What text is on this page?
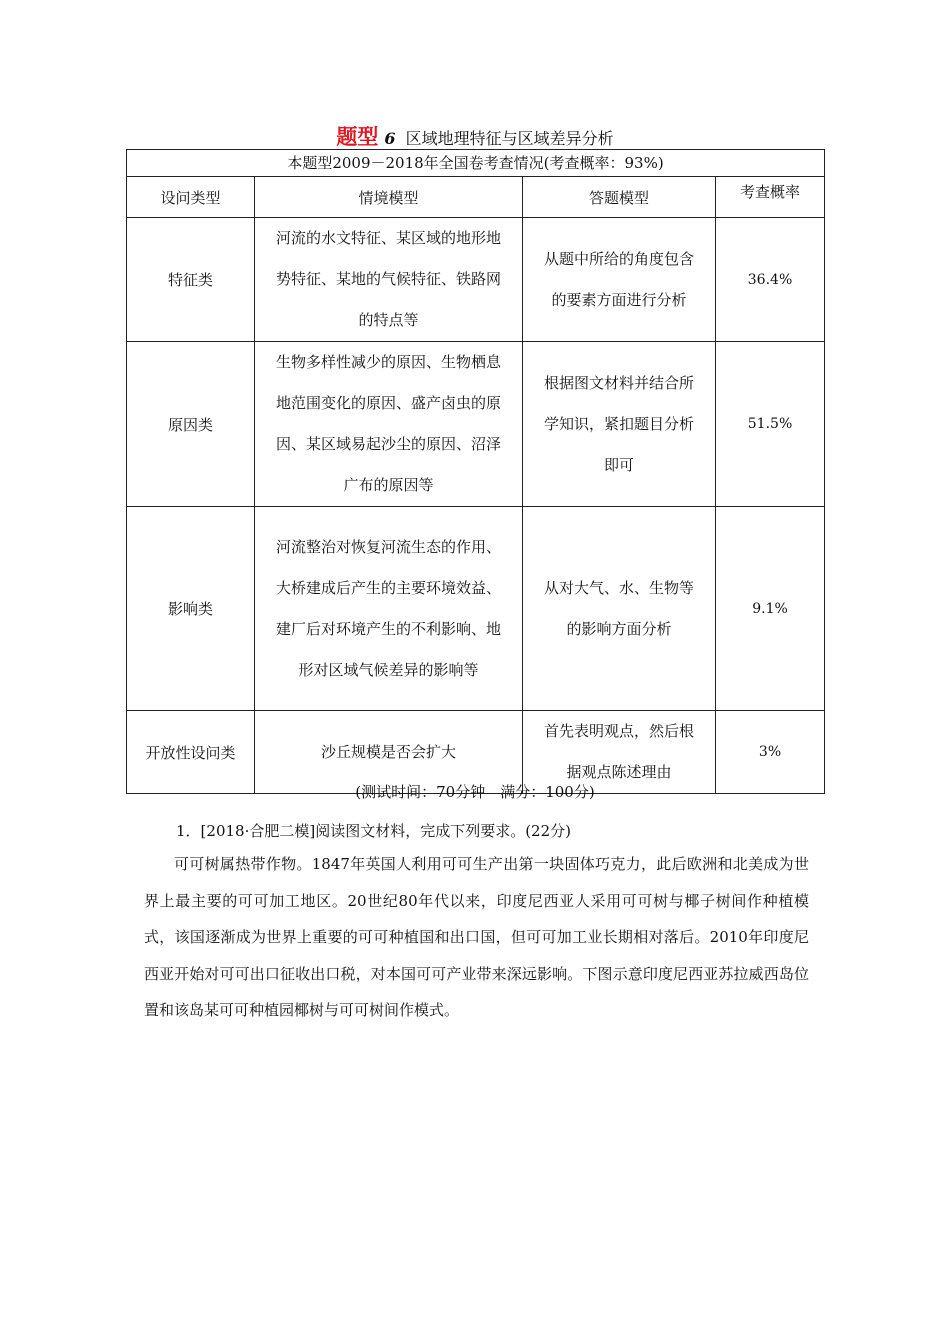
题型 6 区域地理特征与区域差异分析
本题型2009－2018年全国卷考查情况(考查概率：93%)			
设问类型	情境模型	答题模型	考查概率
特征类	河流的水文特征、某区域的地形地势特征、某地的气候特征、铁路网的特点等	从题中所给的角度包含的要素方面进行分析	36.4%
原因类	生物多样性减少的原因、生物栖息地范围变化的原因、盛产卤虫的原因、某区域易起沙尘的原因、沼泽广布的原因等	根据图文材料并结合所学知识，紧扣题目分析即可	51.5%
影响类	河流整治对恢复河流生态的作用、大桥建成后产生的主要环境效益、建厂后对环境产生的不利影响、地形对区域气候差异的影响等	从对大气、水、生物等的影响方面分析	9.1%
开放性设问类	沙丘规模是否会扩大	首先表明观点，然后根据观点陈述理由	3%
(测试时间：70分钟　满分：100分)
1．[2018·合肥二模]阅读图文材料，完成下列要求。(22分)

可可树属热带作物。1847年英国人利用可可生产出第一块固体巧克力，此后欧洲和北美成为世界上最主要的可可加工地区。20世纪80年代以来，印度尼西亚人采用可可树与椰子树间作种植模式，该国逐渐成为世界上重要的可可种植国和出口国，但可可加工业长期相对落后。2010年印度尼西亚开始对可可出口征收出口税，对本国可可产业带来深远影响。下图示意印度尼西亚苏拉威西岛位置和该岛某可可种植园椰树与可可树间作模式。
